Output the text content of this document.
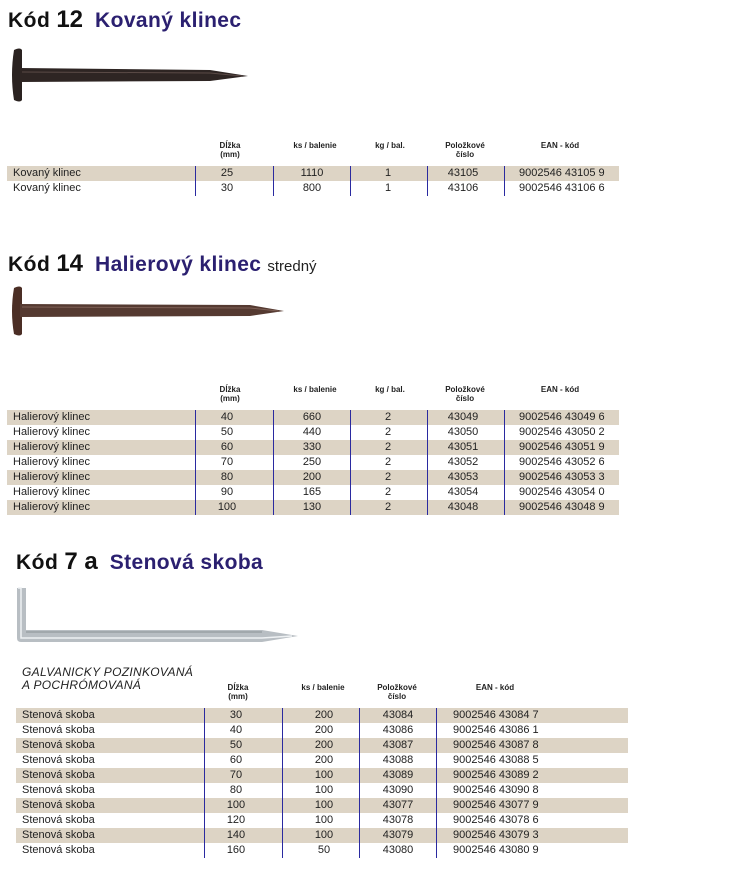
Kód 12 Kovaný klinec
Dĺžka
(mm)
ks / balenie	kg / bal.	Položkové
číslo
EAN - kód
Kovaný klinec	25	1110	1	43105	9002546 43105 9
Kovaný klinec	30	800	1	43106	9002546 43106 6
Kód 14 Halierový klinec stredný
Dĺžka
(mm)
ks / balenie	kg / bal.	Položkové
číslo
EAN - kód
Halierový klinec	40	660	2	43049	9002546 43049 6
Halierový klinec	50	440	2	43050	9002546 43050 2
Halierový klinec	60	330	2	43051	9002546 43051 9
Halierový klinec	70	250	2	43052	9002546 43052 6
Halierový klinec	80	200	2	43053	9002546 43053 3
Halierový klinec	90	165	2	43054	9002546 43054 0
Halierový klinec	100	130	2	43048	9002546 43048 9
Kód 7 a Stenová skoba
GALVANICKY POZINKOVANÁ
A POCHRÓMOVANÁ	Dĺžka
(mm)
ks / balenie	Položkové
číslo
EAN - kód
Stenová skoba	30	200	43084	9002546 43084 7
Stenová skoba	40	200	43086	9002546 43086 1
Stenová skoba	50	200	43087	9002546 43087 8
Stenová skoba	60	200	43088	9002546 43088 5
Stenová skoba	70	100	43089	9002546 43089 2
Stenová skoba	80	100	43090	9002546 43090 8
Stenová skoba	100	100	43077	9002546 43077 9
Stenová skoba	120	100	43078	9002546 43078 6
Stenová skoba	140	100	43079	9002546 43079 3
Stenová skoba	160	50	43080	9002546 43080 9
